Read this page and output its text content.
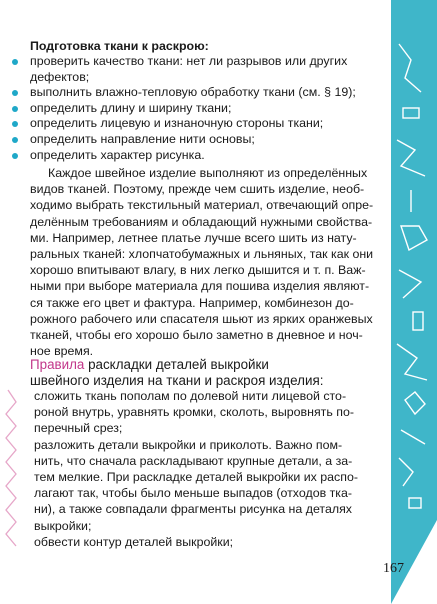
Подготовка ткани к раскрою:
проверить качество ткани: нет ли разрывов или других
дефектов;
выполнить влажно-тепловую обработку ткани (см. § 19);
определить длину и ширину ткани;
определить лицевую и изнаночную стороны ткани;
определить направление нити основы;
определить характер рисунка.
Каждое швейное изделие выполняют из определённых
видов тканей. Поэтому, прежде чем сшить изделие, необ-
ходимо выбрать текстильный материал, отвечающий опре-
делённым требованиям и обладающий нужными свойства-
ми. Например, летнее платье лучше всего шить из нату-
ральных тканей: хлопчатобумажных и льняных, так как они
хорошо впитывают влагу, в них легко дышится и т. п. Важ-
ными при выборе материала для пошива изделия являют-
ся также его цвет и фактура. Например, комбинезон до-
рожного рабочего или спасателя шьют из ярких оранжевых
тканей, чтобы его хорошо было заметно в дневное и ноч-
ное время.
Правила раскладки деталей выкройки
швейного изделия на ткани и раскроя изделия:
сложить ткань пополам по долевой нити лицевой сто-
роной внутрь, уравнять кромки, сколоть, выровнять по-
перечный срез;
разложить детали выкройки и приколоть. Важно пом-
нить, что сначала раскладывают крупные детали, а за-
тем мелкие. При раскладке деталей выкройки их распо-
лагают так, чтобы было меньше выпадов (отходов тка-
ни), а также совпадали фрагменты рисунка на деталях
выкройки;
обвести контур деталей выкройки;
167
